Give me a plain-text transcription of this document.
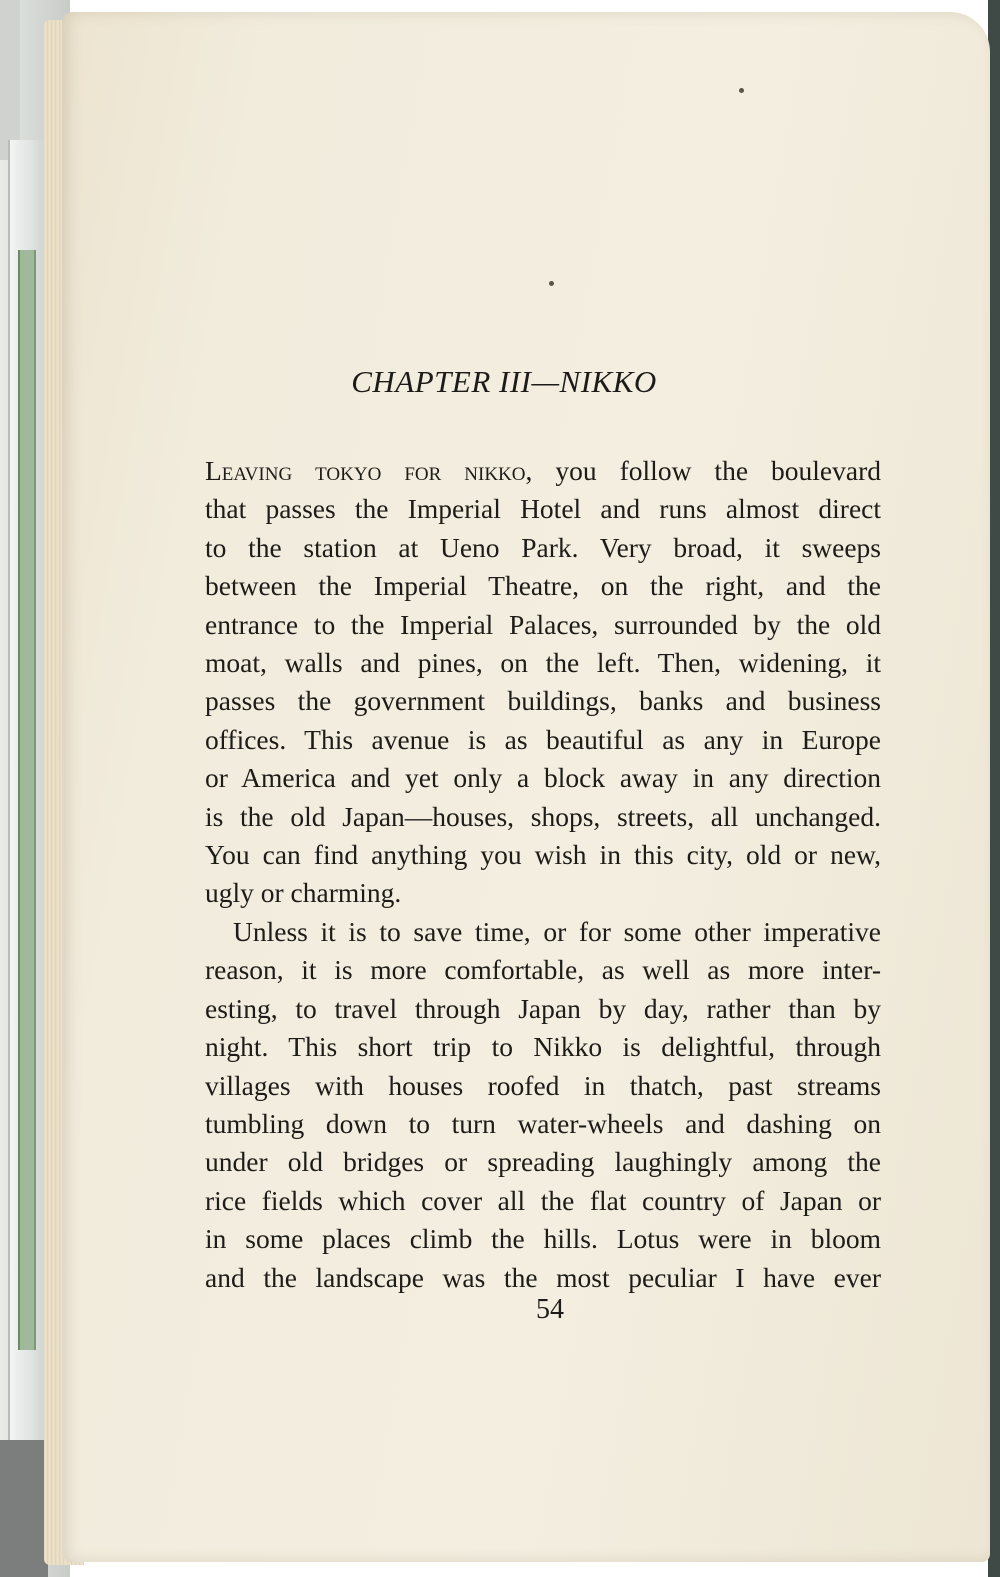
CHAPTER III—NIKKO
Leaving tokyo for nikko, you follow the boulevard
that passes the Imperial Hotel and runs almost direct
to the station at Ueno Park. Very broad, it sweeps
between the Imperial Theatre, on the right, and the
entrance to the Imperial Palaces, surrounded by the old
moat, walls and pines, on the left. Then, widening, it
passes the government buildings, banks and business
offices. This avenue is as beautiful as any in Europe
or America and yet only a block away in any direction
is the old Japan—houses, shops, streets, all unchanged.
You can find anything you wish in this city, old or new,
ugly or charming.
Unless it is to save time, or for some other imperative
reason, it is more comfortable, as well as more inter-
esting, to travel through Japan by day, rather than by
night. This short trip to Nikko is delightful, through
villages with houses roofed in thatch, past streams
tumbling down to turn water-wheels and dashing on
under old bridges or spreading laughingly among the
rice fields which cover all the flat country of Japan or
in some places climb the hills. Lotus were in bloom
and the landscape was the most peculiar I have ever
54
